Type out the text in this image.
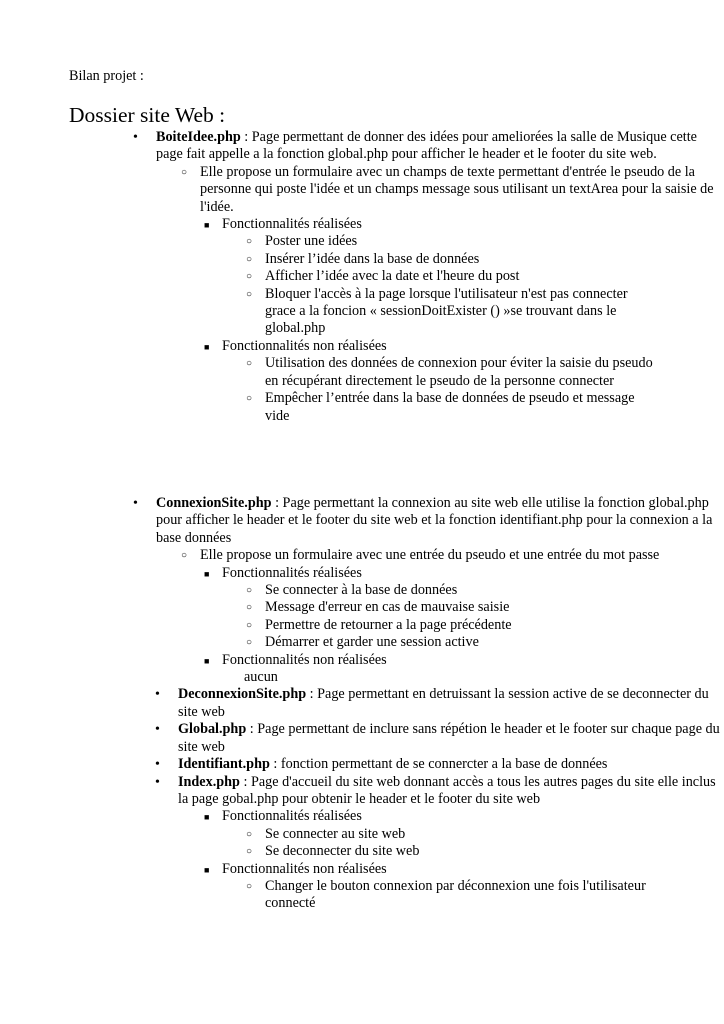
Bilan projet :
Dossier site Web :
• BoiteIdee.php : Page permettant de donner des idées pour ameliorées la salle de Musique cette page fait appelle a la fonction global.php pour afficher le header et le footer du site web.
○ Elle propose un formulaire avec un champs de texte permettant d'entrée le pseudo de la personne qui poste l'idée et un champs message sous utilisant un textArea pour la saisie de l'idée.
■ Fonctionnalités réalisées
○ Poster une idées
○ Insérer l’idée dans la base de données
○ Afficher l’idée avec la date et l'heure du post
○ Bloquer l'accès à la page lorsque l'utilisateur n'est pas connecter grace a la foncion « sessionDoitExister () »se trouvant dans le global.php
■ Fonctionnalités non réalisées
○ Utilisation des données de connexion pour éviter la saisie du pseudo en récupérant directement le pseudo de la personne connecter
○ Empêcher l’entrée dans la base de données de pseudo et message vide
• ConnexionSite.php : Page permettant la connexion au site web elle utilise la fonction global.php pour afficher le header et le footer du site web et la fonction identifiant.php pour la connexion a la base données
○ Elle propose un formulaire avec une entrée du pseudo et une entrée du mot passe
■ Fonctionnalités réalisées
○ Se connecter à la base de données
○ Message d'erreur en cas de mauvaise saisie
○ Permettre de retourner a la page précédente
○ Démarrer et garder une session active
■ Fonctionnalités non réalisées
aucun
• DeconnexionSite.php : Page permettant en detruissant la session active de se deconnecter du site web
• Global.php : Page permettant de inclure sans répétion le header et le footer sur chaque page du site web
• Identifiant.php : fonction permettant de se connercter a la base de données
• Index.php : Page d'accueil du site web donnant accès a tous les autres pages du site elle inclus la page gobal.php pour obtenir le header et le footer du site web
■ Fonctionnalités réalisées
○ Se connecter au site web
○ Se deconnecter du site web
■ Fonctionnalités non réalisées
○ Changer le bouton connexion par déconnexion une fois l'utilisateur connecté
